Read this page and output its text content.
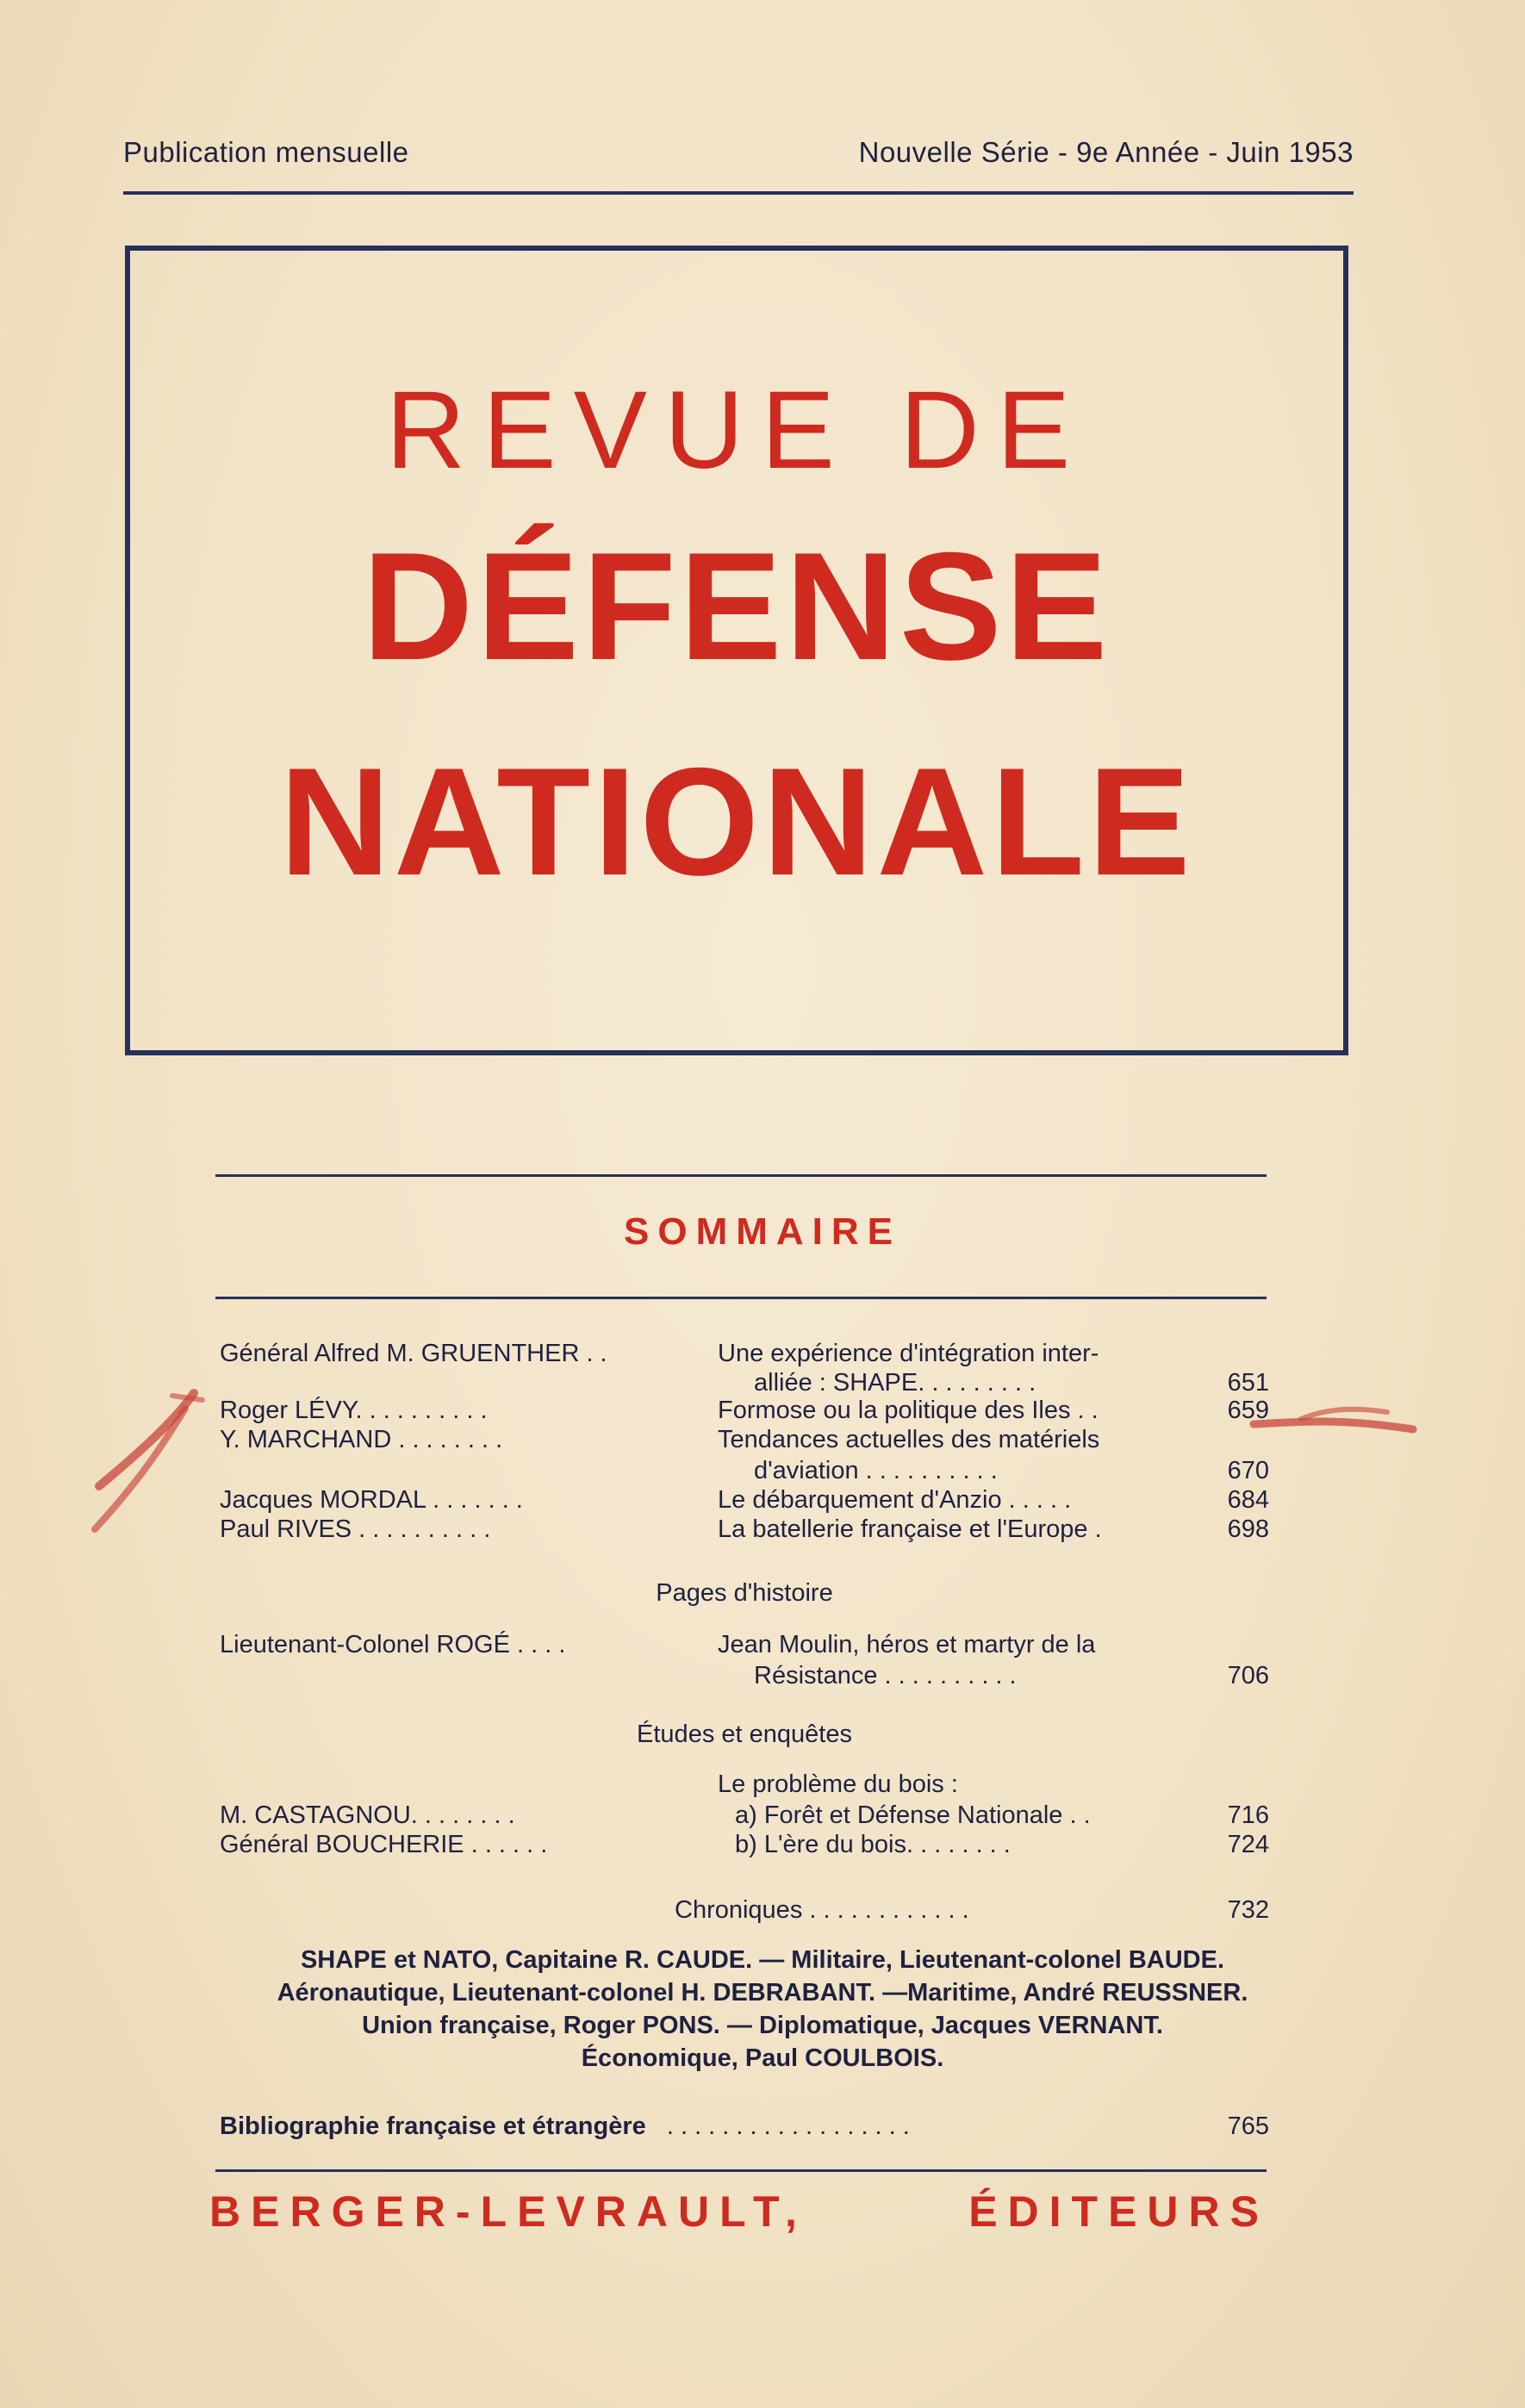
Publication mensuelle	Nouvelle Série - 9e Année - Juin 1953
REVUE DE
DÉFENSE
NATIONALE
SOMMAIRE
Général Alfred M. GRUENTHER . .	Une expérience d'intégration inter-
alliée : SHAPE. . . . . . . . .	651
Roger LÉVY. . . . . . . . . .	Formose ou la politique des Iles . .	659
Y. MARCHAND . . . . . . . .	Tendances actuelles des matériels
d'aviation . . . . . . . . . .	670
Jacques MORDAL . . . . . . .	Le débarquement d'Anzio . . . . .	684
Paul RIVES . . . . . . . . . .	La batellerie française et l'Europe .	698
Pages d'histoire
Lieutenant-Colonel ROGÉ . . . .	Jean Moulin, héros et martyr de la
Résistance . . . . . . . . . .	706
Études et enquêtes
Le problème du bois :
M. CASTAGNOU. . . . . . . .	a) Forêt et Défense Nationale . .	716
Général BOUCHERIE . . . . . .	b) L'ère du bois. . . . . . . .	724
Chroniques . . . . . . . . . . . .	732
SHAPE et NATO, Capitaine R. CAUDE. — Militaire, Lieutenant-colonel BAUDE.
Aéronautique, Lieutenant-colonel H. DEBRABANT. —Maritime, André REUSSNER.
Union française, Roger PONS. — Diplomatique, Jacques VERNANT.
Économique, Paul COULBOIS.
Bibliographie française et étrangère . . . . . . . . . . . . . . . . . .	765
BERGER-LEVRAULT,	ÉDITEURS
